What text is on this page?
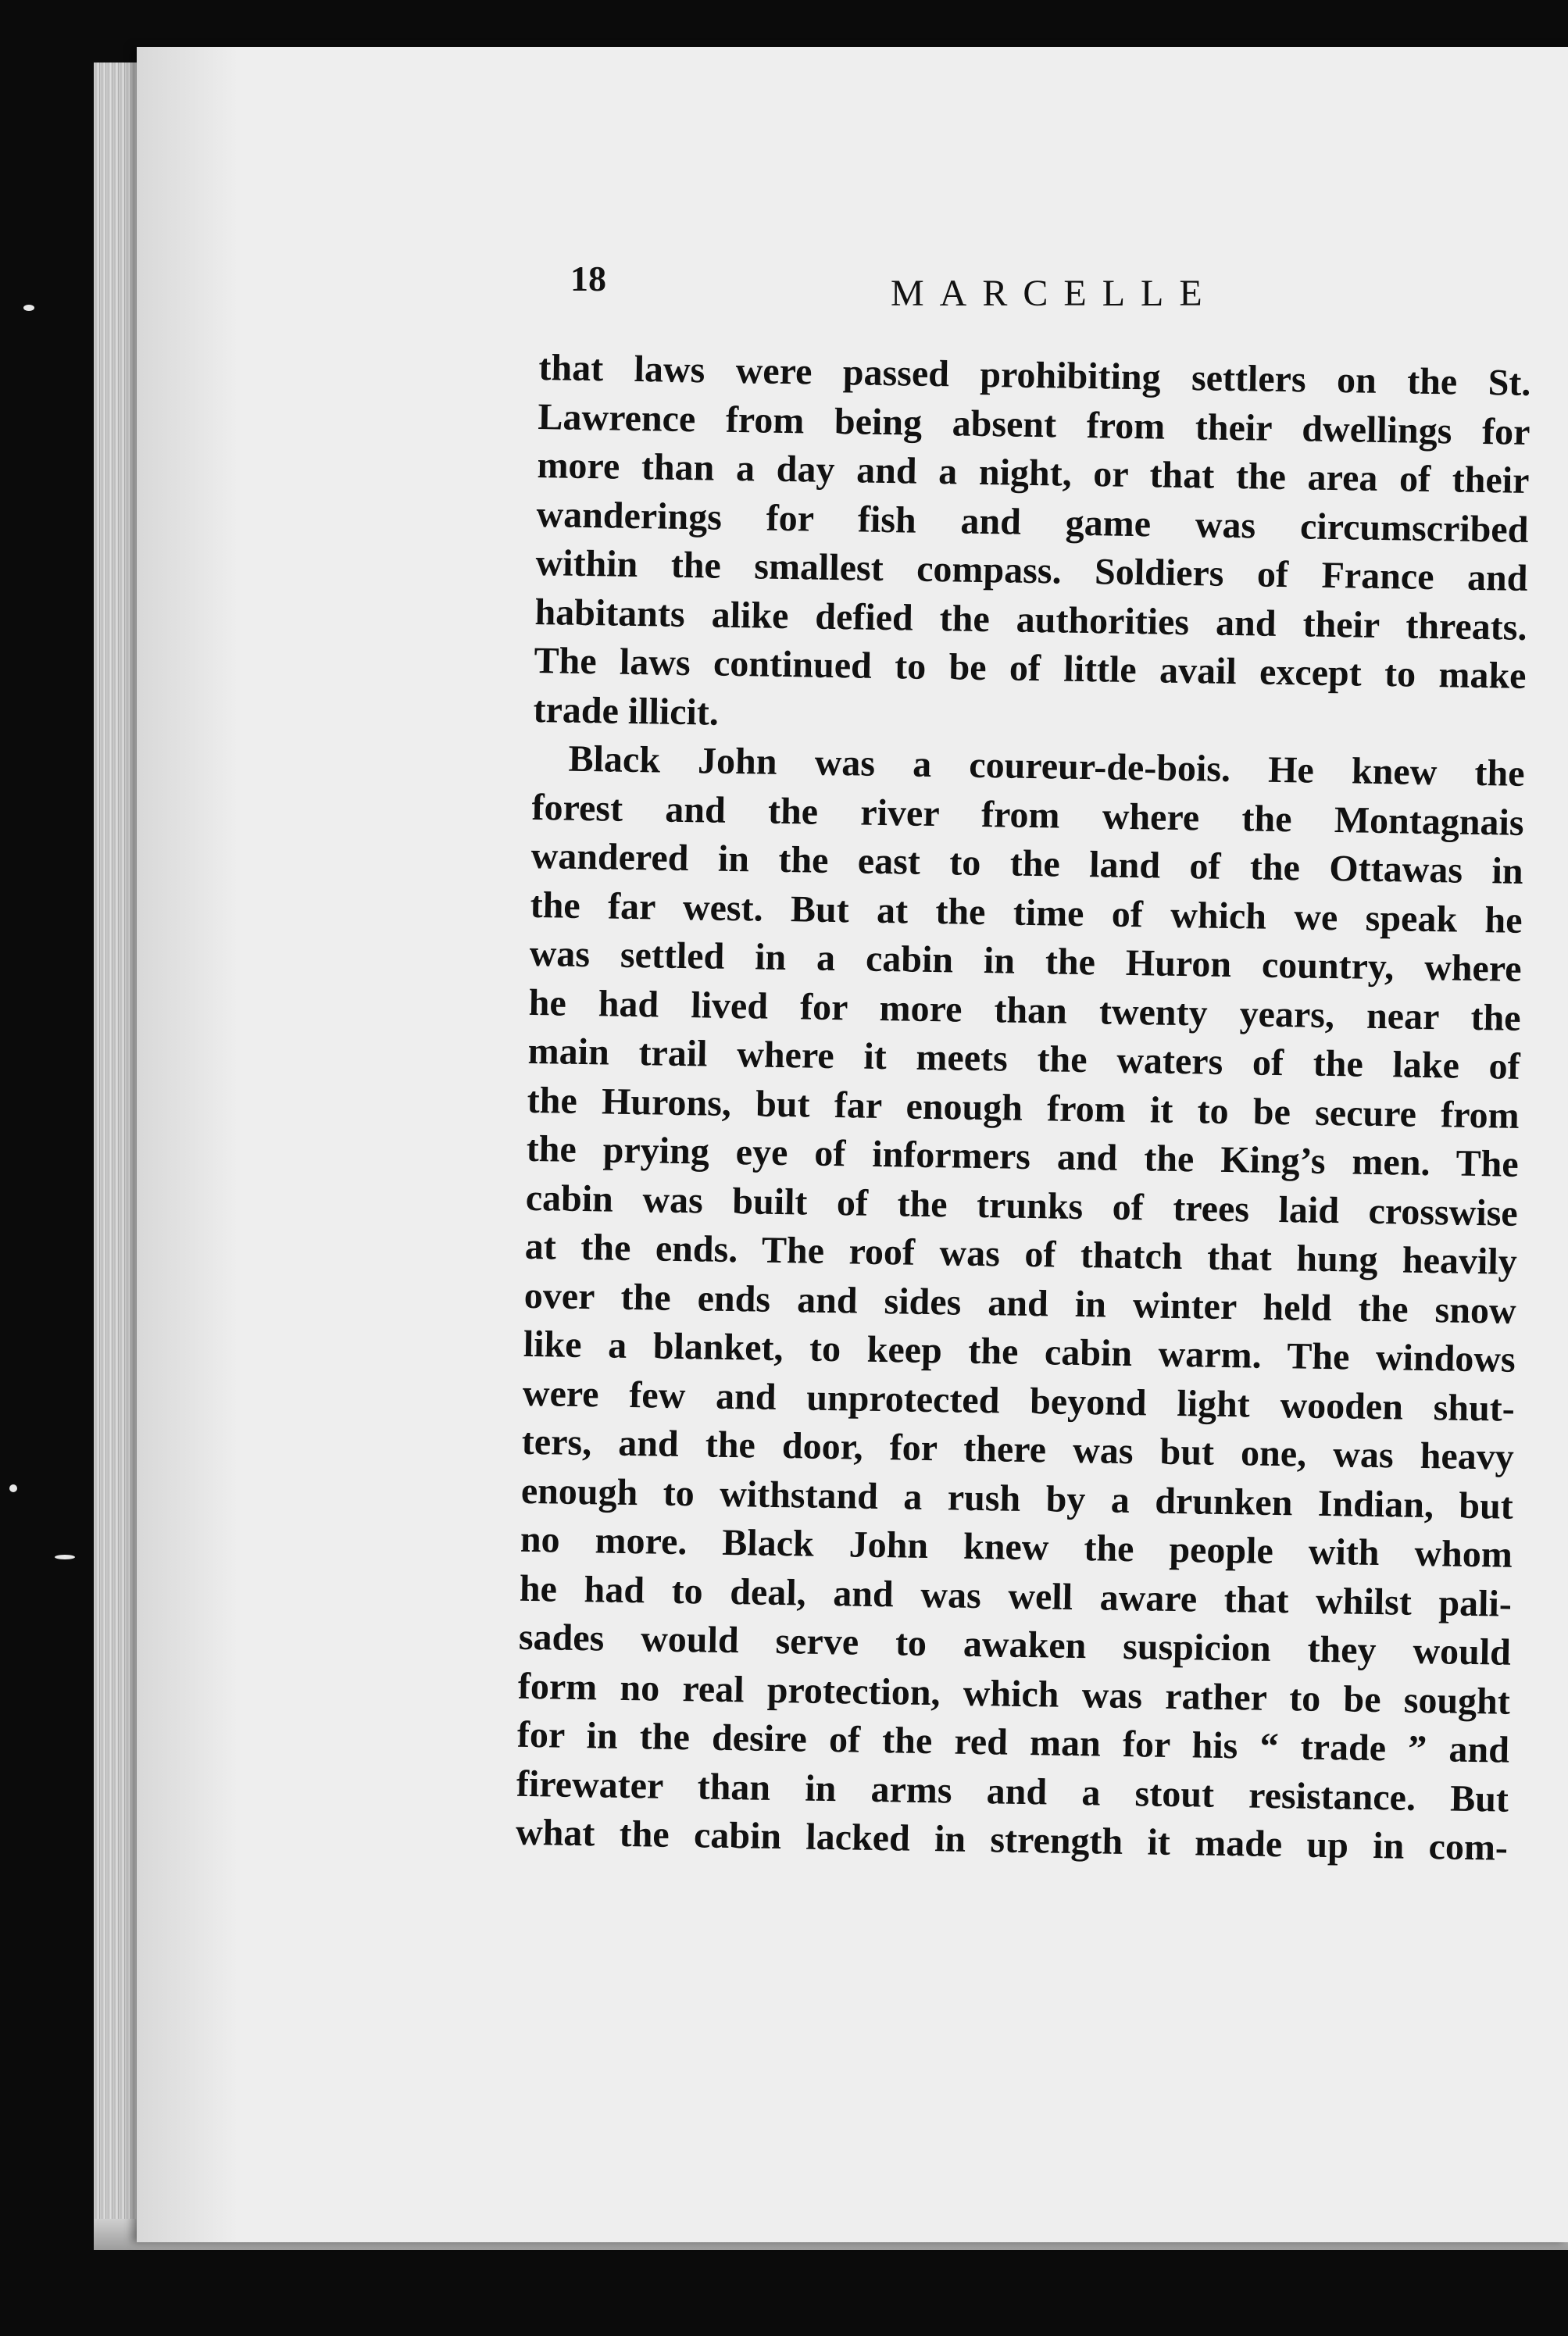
18	MARCELLE

that laws were passed prohibiting settlers on the St.
Lawrence from being absent from their dwellings for
more than a day and a night, or that the area of their
wanderings for fish and game was circumscribed
within the smallest compass. Soldiers of France and
habitants alike defied the authorities and their threats.
The laws continued to be of little avail except to make
trade illicit.

Black John was a coureur-de-bois. He knew the
forest and the river from where the Montagnais
wandered in the east to the land of the Ottawas in
the far west. But at the time of which we speak he
was settled in a cabin in the Huron country, where
he had lived for more than twenty years, near the
main trail where it meets the waters of the lake of
the Hurons, but far enough from it to be secure from
the prying eye of informers and the King’s men. The
cabin was built of the trunks of trees laid crosswise
at the ends. The roof was of thatch that hung heavily
over the ends and sides and in winter held the snow
like a blanket, to keep the cabin warm. The windows
were few and unprotected beyond light wooden shut-
ters, and the door, for there was but one, was heavy
enough to withstand a rush by a drunken Indian, but
no more. Black John knew the people with whom
he had to deal, and was well aware that whilst pali-
sades would serve to awaken suspicion they would
form no real protection, which was rather to be sought
for in the desire of the red man for his “ trade ” and
firewater than in arms and a stout resistance. But
what the cabin lacked in strength it made up in com-
